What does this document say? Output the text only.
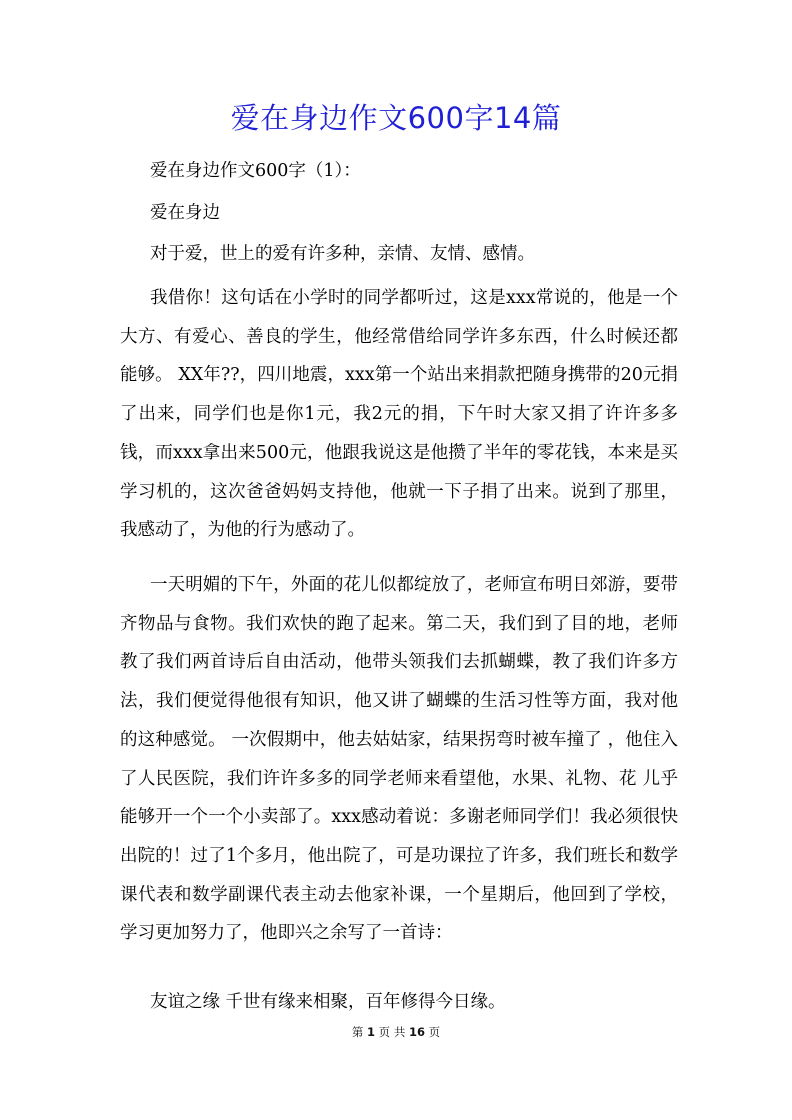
爱在身边作文600字14篇

爱在身边作文600字（1）：

爱在身边

对于爱，世上的爱有许多种，亲情、友情、感情。

我借你！这句话在小学时的同学都听过，这是xxx常说的，他是一个大方、有爱心、善良的学生，他经常借给同学许多东西，什么时候还都能够。 XX年??，四川地震，xxx第一个站出来捐款把随身携带的20元捐了出来，同学们也是你1元，我2元的捐，下午时大家又捐了许许多多钱，而xxx拿出来500元，他跟我说这是他攒了半年的零花钱，本来是买学习机的，这次爸爸妈妈支持他，他就一下子捐了出来。说到了那里，我感动了，为他的行为感动了。

一天明媚的下午，外面的花儿似都绽放了，老师宣布明日郊游，要带齐物品与食物。我们欢快的跑了起来。第二天，我们到了目的地，老师教了我们两首诗后自由活动，他带头领我们去抓蝴蝶，教了我们许多方法，我们便觉得他很有知识，他又讲了蝴蝶的生活习性等方面，我对他的这种感觉。 一次假期中，他去姑姑家，结果拐弯时被车撞了 ，他住入了人民医院，我们许许多多的同学老师来看望他，水果、礼物、花 儿乎能够开一个一个小卖部了。xxx感动着说：多谢老师同学们！我必须很快出院的！过了1个多月，他出院了，可是功课拉了许多，我们班长和数学课代表和数学副课代表主动去他家补课，一个星期后，他回到了学校，学习更加努力了，他即兴之余写了一首诗：

友谊之缘 千世有缘来相聚，百年修得今日缘。

第 1 页 共 16 页
